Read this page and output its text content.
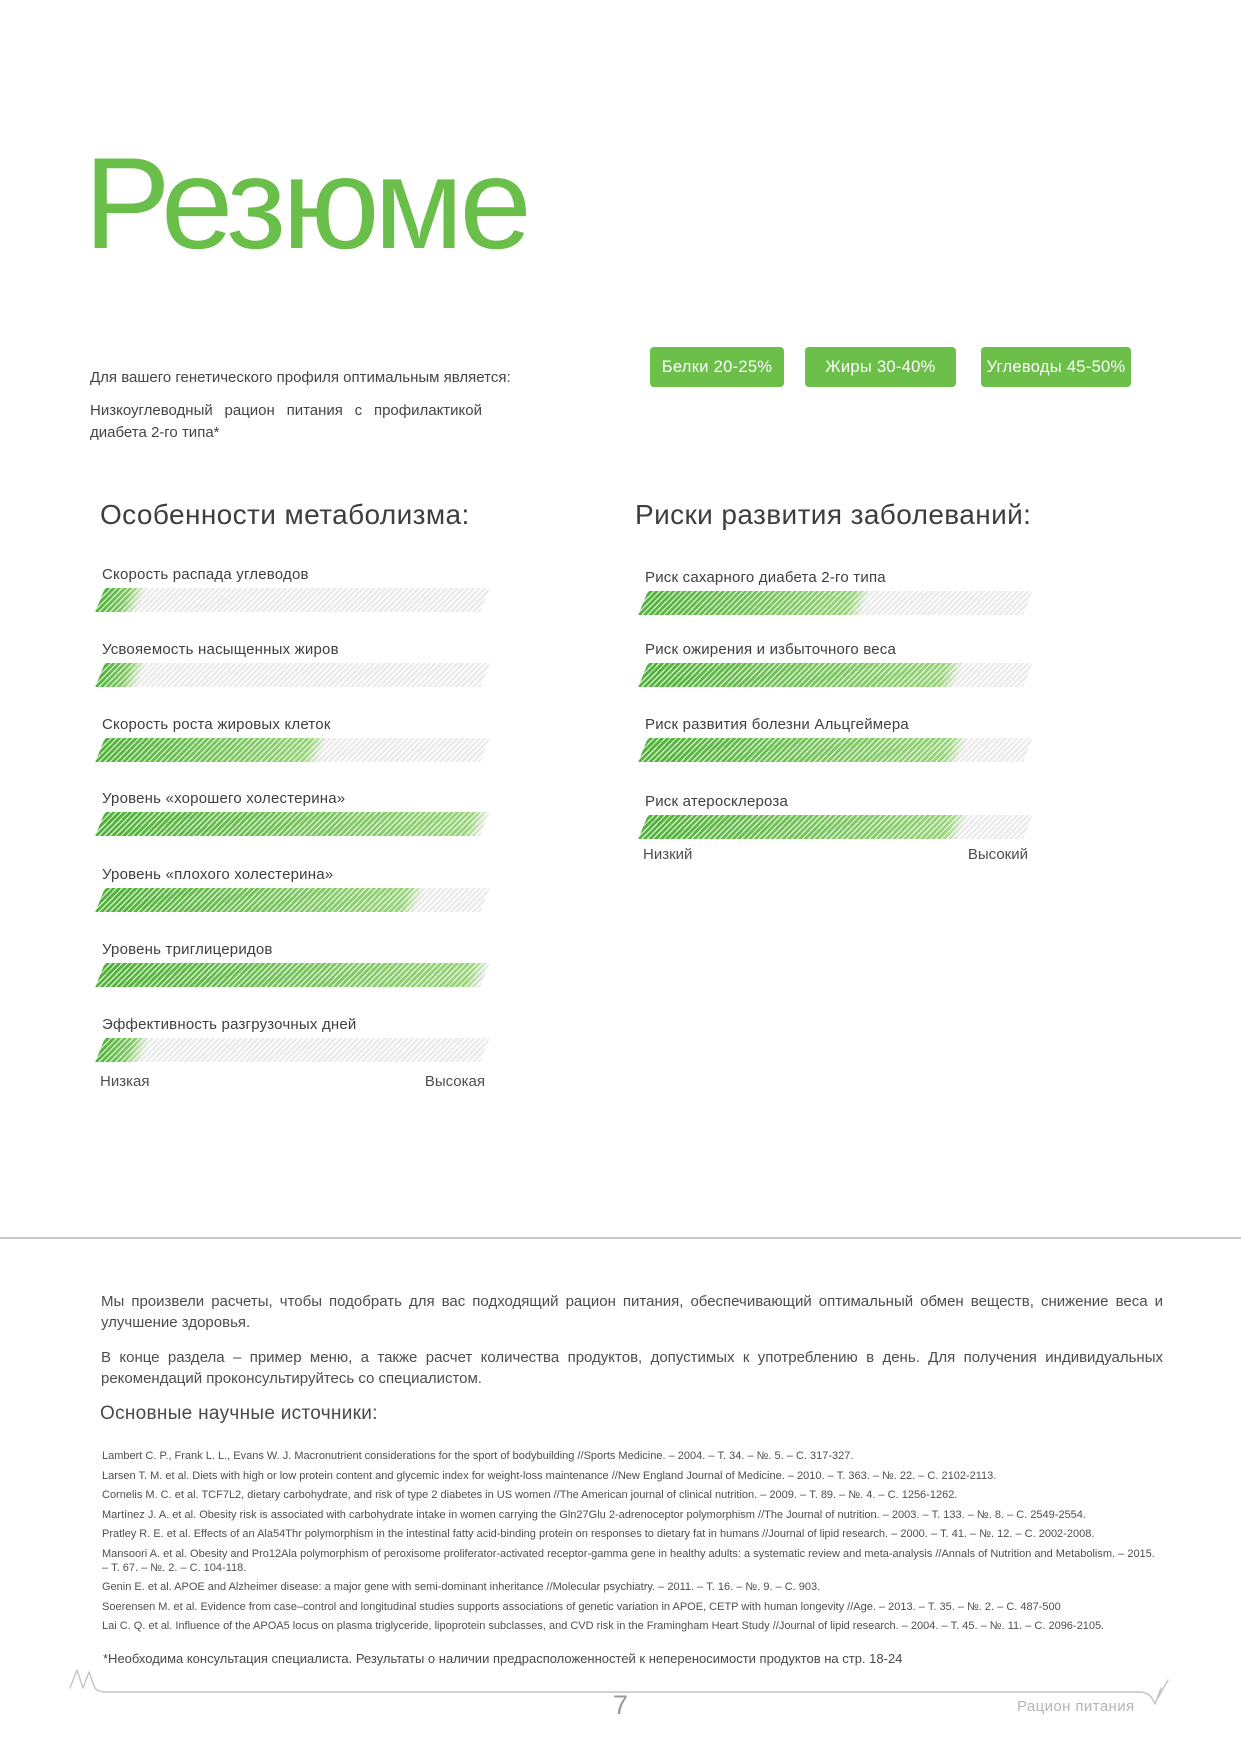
Резюме
Для вашего генетического профиля оптимальным является:
Низкоуглеводный рацион питания с профилактикой диабета 2-го типа*
Белки 20-25%	Жиры 30-40%	Углеводы 45-50%
Особенности метаболизма:	Риски развития заболеваний:
Скорость распада углеводов
Усвояемость насыщенных жиров
Скорость роста жировых клеток
Уровень «хорошего холестерина»
Уровень «плохого холестерина»
Уровень триглицеридов
Эффективность разгрузочных дней
Риск сахарного диабета 2-го типа
Риск ожирения и избыточного веса
Риск развития болезни Альцгеймера
Риск атеросклероза
Низкая	Высокая
Низкий	Высокий

Мы произвели расчеты, чтобы подобрать для вас подходящий рацион питания, обеспечивающий оптимальный обмен веществ, снижение веса и улучшение здоровья.

В конце раздела – пример меню, а также расчет количества продуктов, допустимых к употреблению в день. Для получения индивидуальных рекомендаций проконсультируйтесь со специалистом.

Основные научные источники:
Lambert C. P., Frank L. L., Evans W. J. Macronutrient considerations for the sport of bodybuilding //Sports Medicine. – 2004. – Т. 34. – №. 5. – С. 317-327.
Larsen T. M. et al. Diets with high or low protein content and glycemic index for weight-loss maintenance //New England Journal of Medicine. – 2010. – Т. 363. – №. 22. – С. 2102-2113.
Cornelis M. C. et al. TCF7L2, dietary carbohydrate, and risk of type 2 diabetes in US women //The American journal of clinical nutrition. – 2009. – Т. 89. – №. 4. – С. 1256-1262.
Martínez J. A. et al. Obesity risk is associated with carbohydrate intake in women carrying the Gln27Glu 2-adrenoceptor polymorphism //The Journal of nutrition. – 2003. – Т. 133. – №. 8. – С. 2549-2554.
Pratley R. E. et al. Effects of an Ala54Thr polymorphism in the intestinal fatty acid-binding protein on responses to dietary fat in humans //Journal of lipid research. – 2000. – Т. 41. – №. 12. – С. 2002-2008.
Mansoori A. et al. Obesity and Pro12Ala polymorphism of peroxisome proliferator-activated receptor-gamma gene in healthy adults: a systematic review and meta-analysis //Annals of Nutrition and Metabolism. – 2015. – Т. 67. – №. 2. – С. 104-118.
Genin E. et al. APOE and Alzheimer disease: a major gene with semi-dominant inheritance //Molecular psychiatry. – 2011. – Т. 16. – №. 9. – С. 903.
Soerensen M. et al. Evidence from case–control and longitudinal studies supports associations of genetic variation in APOE, CETP with human longevity //Age. – 2013. – Т. 35. – №. 2. – С. 487-500
Lai C. Q. et al. Influence of the APOA5 locus on plasma triglyceride, lipoprotein subclasses, and CVD risk in the Framingham Heart Study //Journal of lipid research. – 2004. – Т. 45. – №. 11. – С. 2096-2105.
*Необходима консультация специалиста. Результаты о наличии предрасположенностей к непереносимости продуктов на стр. 18-24
7	Рацион питания
